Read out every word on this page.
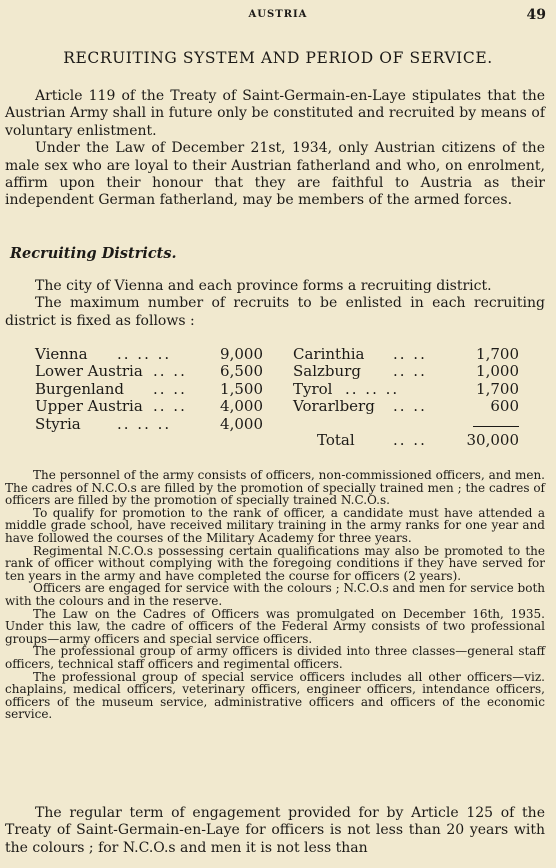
AUSTRIA	49
RECRUITING SYSTEM AND PERIOD OF SERVICE.

Article 119 of the Treaty of Saint-Germain-en-Laye stipulates that the Austrian Army shall in future only be constituted and recruited by means of voluntary enlistment.

Under the Law of December 21st, 1934, only Austrian citizens of the male sex who are loyal to their Austrian fatherland and who, on enrolment, affirm upon their honour that they are faithful to Austria as their independent German fatherland, may be members of the armed forces.

Recruiting Districts.

The city of Vienna and each province forms a recruiting district.

The maximum number of recruits to be enlisted in each recruiting district is fixed as follows :

Vienna .. .. ..	9,000
Lower Austria .. .. 6,500
Burgenland .. .. 1,500
Upper Austria .. .. 4,000
Styria .. .. ..	4,000
Carinthia .. ..	1,700
Salzburg .. ..	1,000
Tyrol .. .. ..	1,700
Vorarlberg .. ..	600
Total	.. ..	30,000

The personnel of the army consists of officers, non-commissioned officers, and men. The cadres of N.C.O.s are filled by the promotion of specially trained men ; the cadres of officers are filled by the promotion of specially trained N.C.O.s.

To qualify for promotion to the rank of officer, a candidate must have attended a middle grade school, have received military training in the army ranks for one year and have followed the courses of the Military Academy for three years.

Regimental N.C.O.s possessing certain qualifications may also be promoted to the rank of officer without complying with the foregoing conditions if they have served for ten years in the army and have completed the course for officers (2 years).

Officers are engaged for service with the colours ; N.C.O.s and men for service both with the colours and in the reserve.

The Law on the Cadres of Officers was promulgated on December 16th, 1935. Under this law, the cadre of officers of the Federal Army consists of two professional groups—army officers and special service officers.

The professional group of army officers is divided into three classes—general staff officers, technical staff officers and regimental officers.

The professional group of special service officers includes all other officers—viz. chaplains, medical officers, veterinary officers, engineer officers, intendance officers, officers of the museum service, administrative officers and officers of the economic service.

The regular term of engagement provided for by Article 125 of the Treaty of Saint-Germain-en-Laye for officers is not less than 20 years with the colours ; for N.C.O.s and men it is not less than
